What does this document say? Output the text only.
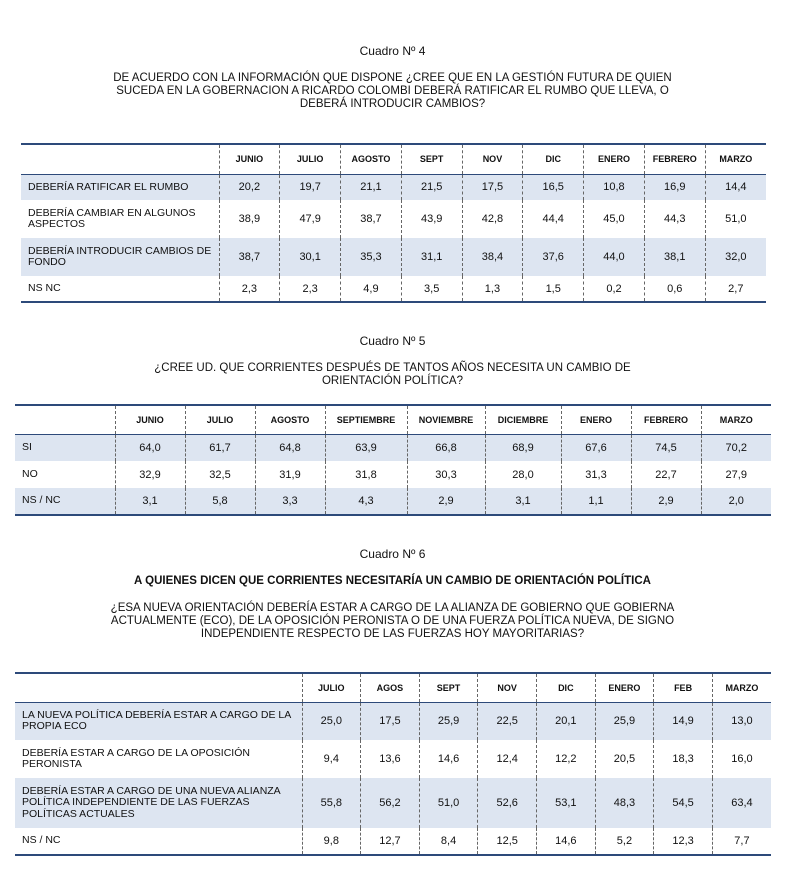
Cuadro Nº 4

DE ACUERDO CON LA INFORMACIÓN QUE DISPONE ¿CREE QUE EN LA GESTIÓN FUTURA DE QUIEN SUCEDA EN LA GOBERNACION A RICARDO COLOMBI DEBERÁ RATIFICAR EL RUMBO QUE LLEVA, O DEBERÁ INTRODUCIR CAMBIOS?

	JUNIO	JULIO	AGOSTO	SEPT	NOV	DIC	ENERO	FEBRERO	MARZO
DEBERÍA RATIFICAR EL RUMBO	20,2	19,7	21,1	21,5	17,5	16,5	10,8	16,9	14,4
DEBERÍA CAMBIAR EN ALGUNOS ASPECTOS	38,9	47,9	38,7	43,9	42,8	44,4	45,0	44,3	51,0
DEBERÍA INTRODUCIR CAMBIOS DE FONDO	38,7	30,1	35,3	31,1	38,4	37,6	44,0	38,1	32,0
NS NC	2,3	2,3	4,9	3,5	1,3	1,5	0,2	0,6	2,7

Cuadro Nº 5

¿CREE UD. QUE CORRIENTES DESPUÉS DE TANTOS AÑOS NECESITA UN CAMBIO DE ORIENTACIÓN POLÍTICA?

	JUNIO	JULIO	AGOSTO	SEPTIEMBRE	NOVIEMBRE	DICIEMBRE	ENERO	FEBRERO	MARZO
SI	64,0	61,7	64,8	63,9	66,8	68,9	67,6	74,5	70,2
NO	32,9	32,5	31,9	31,8	30,3	28,0	31,3	22,7	27,9
NS / NC	3,1	5,8	3,3	4,3	2,9	3,1	1,1	2,9	2,0

Cuadro Nº 6

A QUIENES DICEN QUE CORRIENTES NECESITARÍA UN CAMBIO DE ORIENTACIÓN POLÍTICA

¿ESA NUEVA ORIENTACIÓN DEBERÍA ESTAR A CARGO DE LA ALIANZA DE GOBIERNO QUE GOBIERNA ACTUALMENTE (ECO), DE LA OPOSICIÓN PERONISTA O DE UNA FUERZA POLÍTICA NUEVA, DE SIGNO INDEPENDIENTE RESPECTO DE LAS FUERZAS HOY MAYORITARIAS?

	JULIO	AGOS	SEPT	NOV	DIC	ENERO	FEB	MARZO
LA NUEVA POLÍTICA DEBERÍA ESTAR A CARGO DE LA PROPIA ECO	25,0	17,5	25,9	22,5	20,1	25,9	14,9	13,0
DEBERÍA ESTAR A CARGO DE LA OPOSICIÓN PERONISTA	9,4	13,6	14,6	12,4	12,2	20,5	18,3	16,0
DEBERÍA ESTAR A CARGO DE UNA NUEVA ALIANZA POLÍTICA INDEPENDIENTE DE LAS FUERZAS POLÍTICAS ACTUALES	55,8	56,2	51,0	52,6	53,1	48,3	54,5	63,4
NS / NC	9,8	12,7	8,4	12,5	14,6	5,2	12,3	7,7
